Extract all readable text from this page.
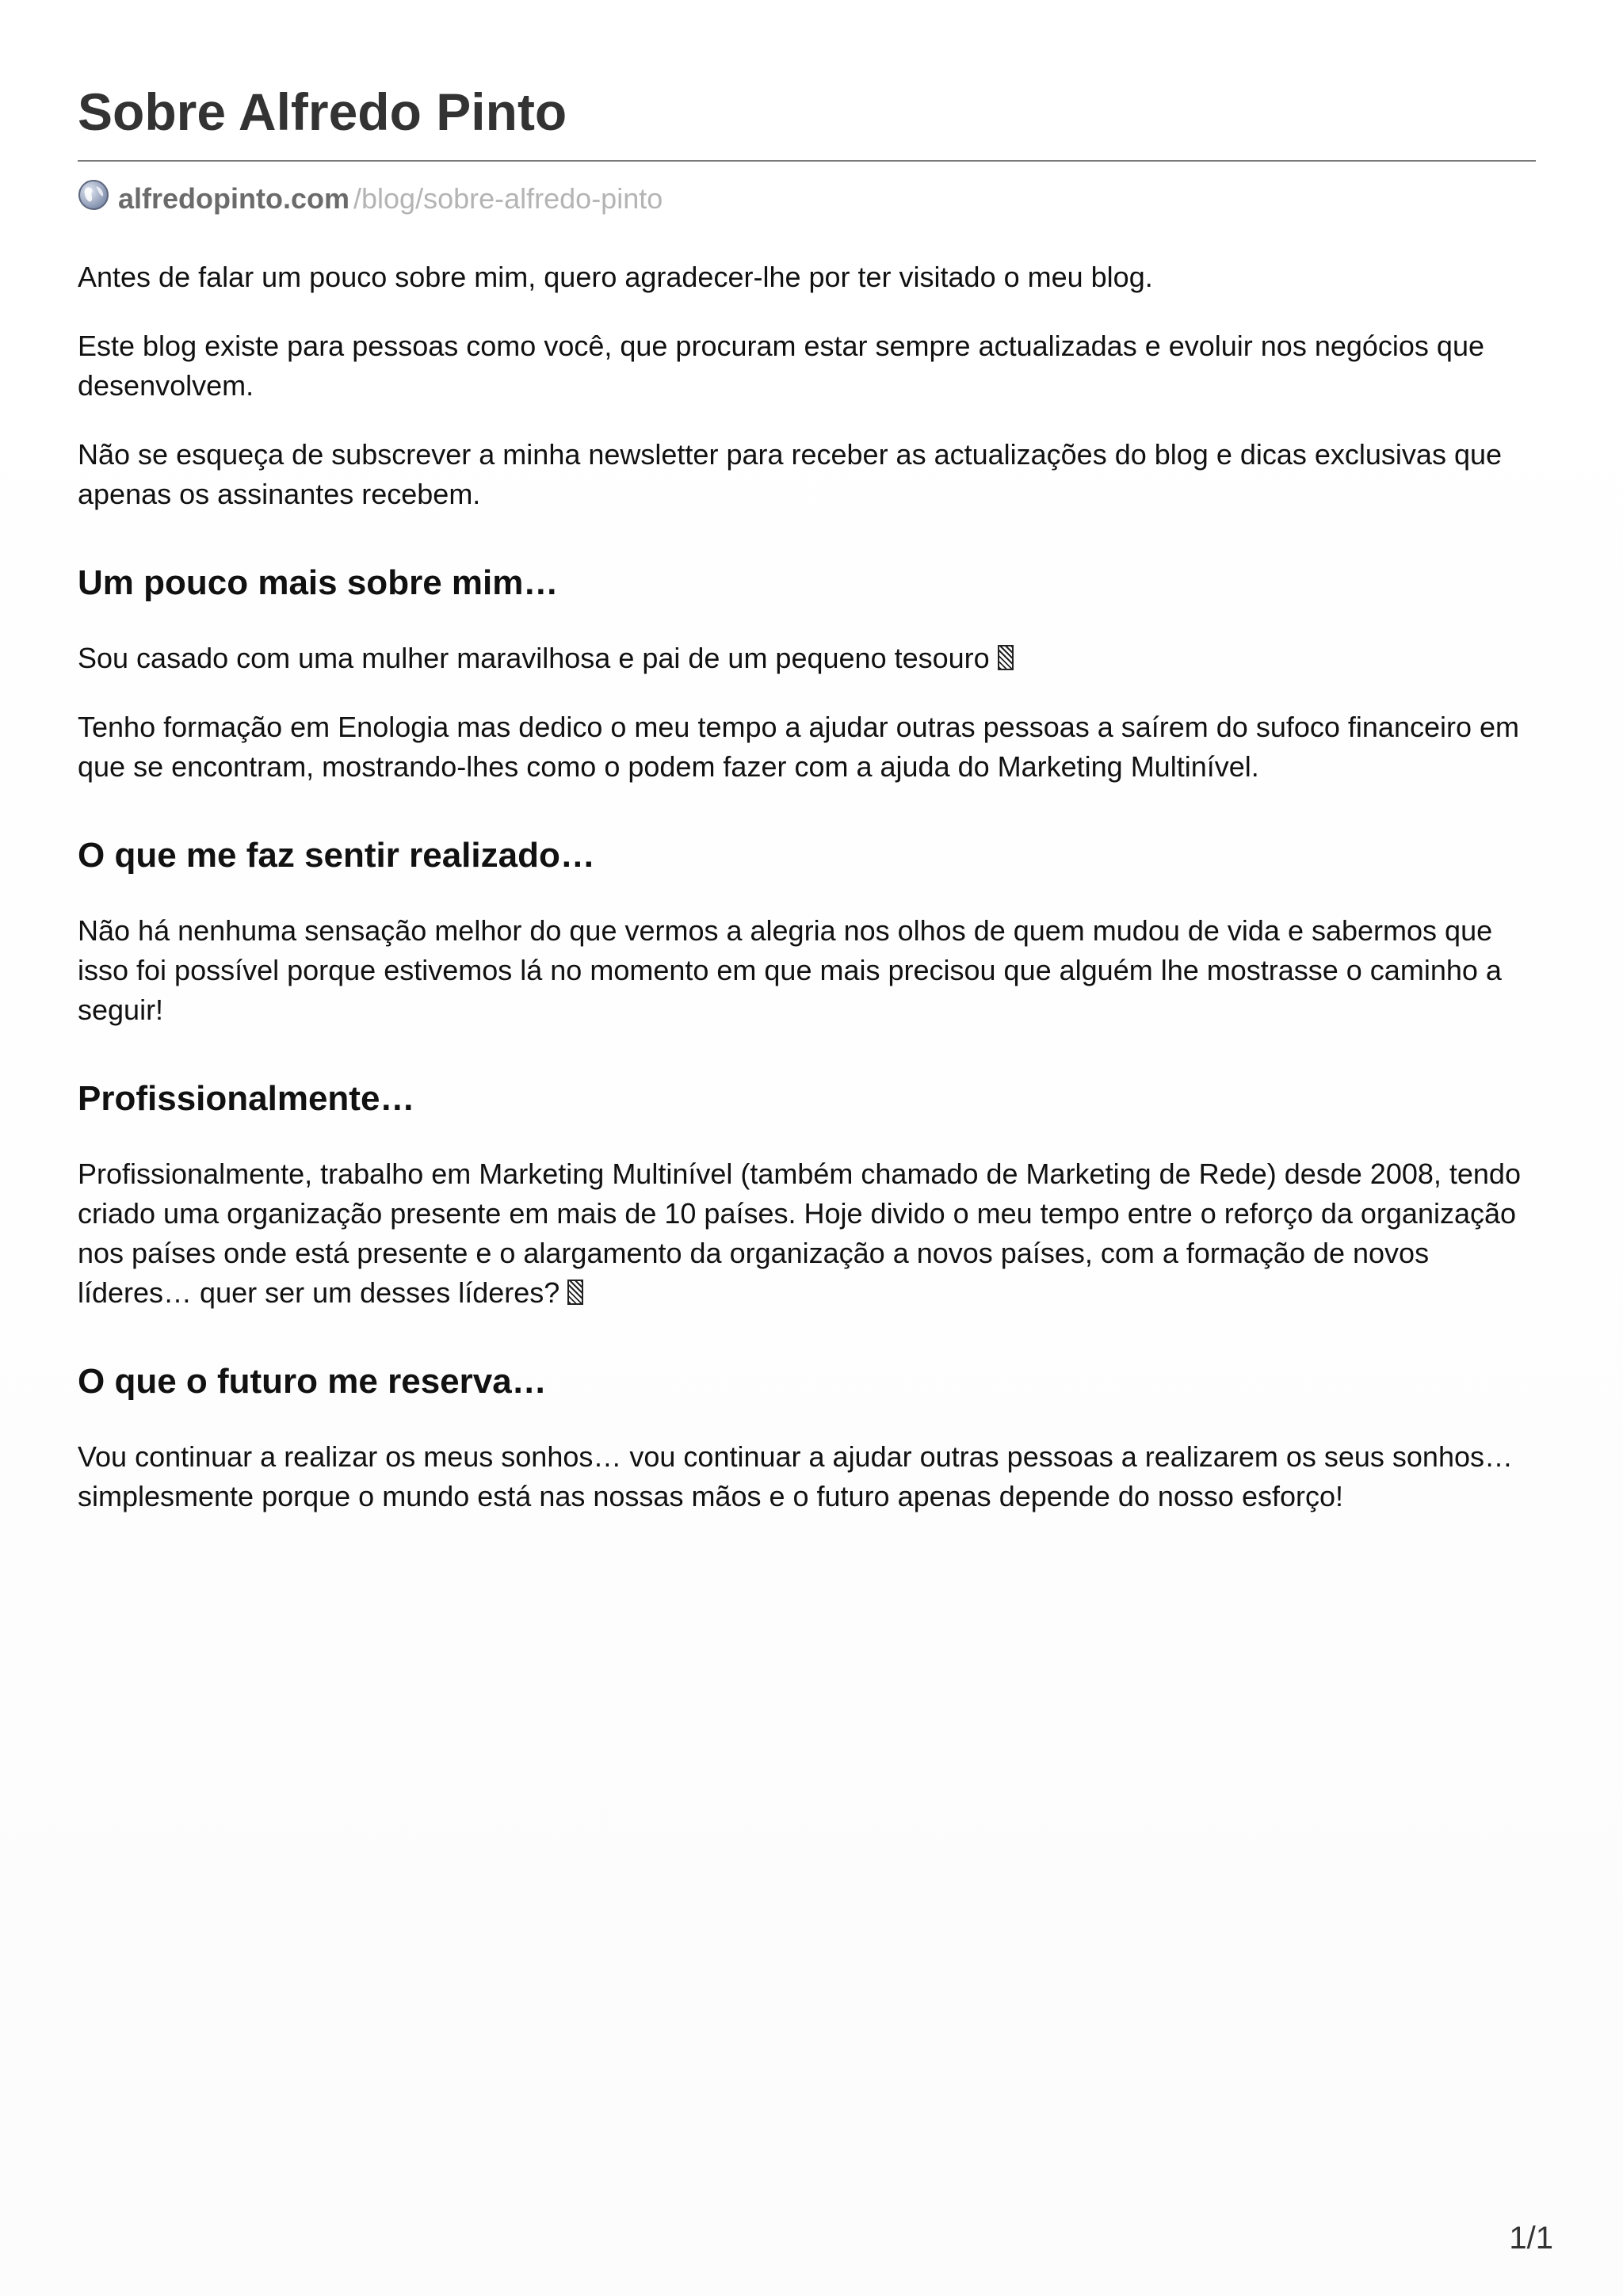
Sobre Alfredo Pinto
alfredopinto.com /blog/sobre-alfredo-pinto

Antes de falar um pouco sobre mim, quero agradecer-lhe por ter visitado o meu blog.

Este blog existe para pessoas como você, que procuram estar sempre actualizadas e evoluir nos negócios que desenvolvem.

Não se esqueça de subscrever a minha newsletter para receber as actualizações do blog e dicas exclusivas que apenas os assinantes recebem.

Um pouco mais sobre mim…

Sou casado com uma mulher maravilhosa e pai de um pequeno tesouro

Tenho formação em Enologia mas dedico o meu tempo a ajudar outras pessoas a saírem do sufoco financeiro em que se encontram, mostrando-lhes como o podem fazer com a ajuda do Marketing Multinível.

O que me faz sentir realizado…

Não há nenhuma sensação melhor do que vermos a alegria nos olhos de quem mudou de vida e sabermos que isso foi possível porque estivemos lá no momento em que mais precisou que alguém lhe mostrasse o caminho a seguir!

Profissionalmente…

Profissionalmente, trabalho em Marketing Multinível (também chamado de Marketing de Rede) desde 2008, tendo criado uma organização presente em mais de 10 países. Hoje divido o meu tempo entre o reforço da organização nos países onde está presente e o alargamento da organização a novos países, com a formação de novos líderes… quer ser um desses líderes?

O que o futuro me reserva…

Vou continuar a realizar os meus sonhos… vou continuar a ajudar outras pessoas a realizarem os seus sonhos… simplesmente porque o mundo está nas nossas mãos e o futuro apenas depende do nosso esforço!

1/1
